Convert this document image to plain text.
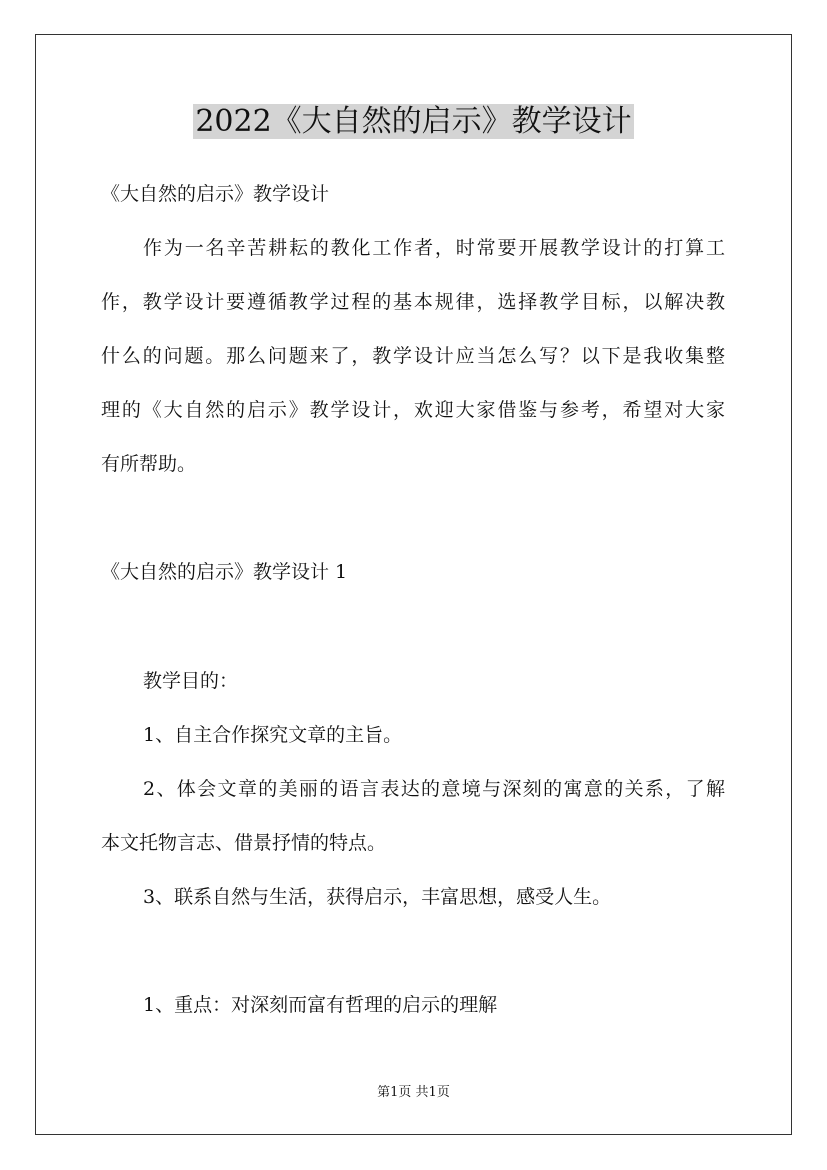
2022《大自然的启示》教学设计
《大自然的启示》教学设计
作为一名辛苦耕耘的教化工作者，时常要开展教学设计的打算工
作，教学设计要遵循教学过程的基本规律，选择教学目标，以解决教
什么的问题。那么问题来了，教学设计应当怎么写？以下是我收集整
理的《大自然的启示》教学设计，欢迎大家借鉴与参考，希望对大家
有所帮助。
《大自然的启示》教学设计 1
教学目的：
1、自主合作探究文章的主旨。
2、体会文章的美丽的语言表达的意境与深刻的寓意的关系，了解
本文托物言志、借景抒情的特点。
3、联系自然与生活，获得启示，丰富思想，感受人生。
1、重点：对深刻而富有哲理的启示的理解
第1页 共1页
